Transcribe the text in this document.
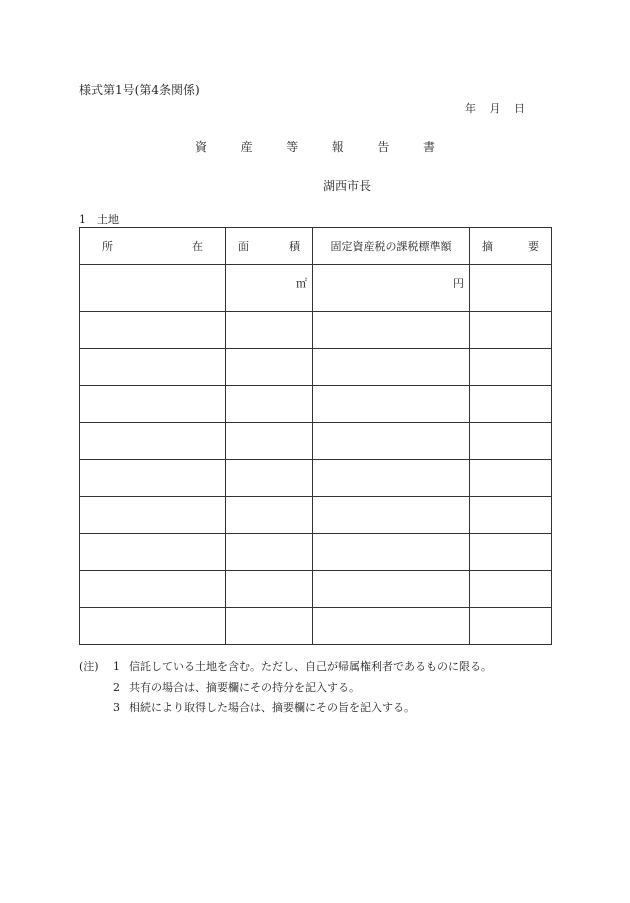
様式第1号(第4条関係)
年 月 日
資	産	等	報	告	書
湖西市長
1　土地
所 在	面 積	固定資産税の課税標準額	摘 要

	㎡	円	

(注)	1 信託している土地を含む。ただし、自己が帰属権利者であるものに限る。
2 共有の場合は、摘要欄にその持分を記入する。
3 相続により取得した場合は、摘要欄にその旨を記入する。
